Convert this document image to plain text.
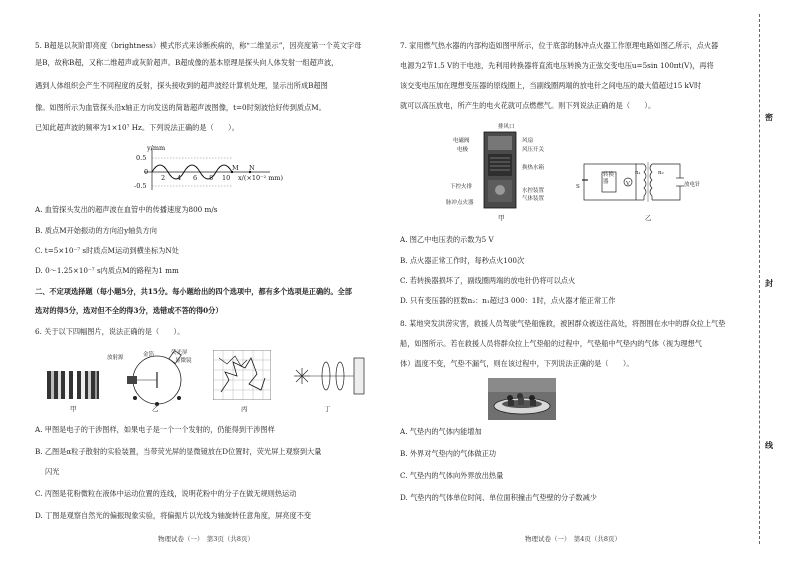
5. B超是以灰阶即亮度（brightness）模式形式来诊断疾病的，称“二维显示”，因亮度第一个英文字母

是B，故称B超，又称二维超声或灰阶超声。B超成像的基本原理是探头向人体发射一组超声波，

遇到人体组织会产生不同程度的反射，探头接收到的超声波经计算机处理，显示出所成B超图

像。如图所示为血管探头沿x轴正方向发送的简谐超声波图像，t=0时刻波恰好传到质点M。

已知此超声波的频率为1×10⁷ Hz。下列说法正确的是（　　）。

y/mm
0.5
0
-0.5
2 4 6 8 10
M N
x/(×10⁻² mm)

A. 血管探头发出的超声波在血管中的传播速度为800 m/s

B. 质点M开始振动的方向沿y轴负方向

C. t=5×10⁻⁷ s时质点M运动到横坐标为N处

D. 0～1.25×10⁻⁷ s内质点M的路程为1 mm

二、不定项选择题（每小题5分，共15分。每小题给出的四个选项中，都有多个选项是正确的。全部

选对的得5分，选对但不全的得3分，选错或不答的得0分）

6. 关于以下四幅图片，说法正确的是（　　）。

甲
放射源	金箔	荧光屏
显微镜
乙	丙	丁

A. 甲图是电子的干涉图样，如果电子是一个一个发射的，仍能得到干涉图样

B. 乙图是α粒子散射的实验装置，当带荧光屏的显微镜放在D位置时，荧光屏上观察到大量

闪光

C. 丙图是花粉微粒在液体中运动位置的连线，说明花粉中的分子在做无规则热运动

D. 丁图是观察自然光的偏振现象实验，将偏振片以光线为轴旋转任意角度，屏亮度不变

物理试卷（一）　第3页（共8页）

7. 家用燃气热水器的内部构造如图甲所示，位于底部的脉冲点火器工作原理电路如图乙所示，点火器

电源为2节1.5 V的干电池，先利用转换器将直流电压转换为正弦交变电压u=5sin 100πt(V)，再将

该交变电压加在理想变压器的原线圈上，当副线圈两端的放电针之间电压的最大值超过15 kV时

就可以高压放电，所产生的电火花就可点燃燃气。则下列说法正确的是（　　）。

排风口
电磁阀
电极
下控火排
脉冲点火器
风扇
风压开关
换热水箱
水控装置
气体装置
甲
S
转换器	V
n₁	n₂
放电针
乙

A. 图乙中电压表的示数为5 V

B. 点火器正常工作时，每秒点火100次

C. 若转换器损坏了，副线圈两端的放电针仍将可以点火

D. 只有变压器的匝数n₂：n₁超过3 000：1时，点火器才能正常工作

8. 某地突发洪涝灾害，救援人员驾驶气垫船施救，被困群众被送往高处，将图围在水中的群众拉上气垫

船，如图所示。若在救援人员将群众拉上气垫船的过程中，气垫船中气垫内的气体（视为理想气

体）温度不变，气垫不漏气，则在该过程中，下列说法正确的是（　　）。

A. 气垫内的气体内能增加

B. 外界对气垫内的气体做正功

C. 气垫内的气体向外界放出热量

D. 气垫内的气体单位时间、单位面积撞击气垫壁的分子数减少

物理试卷（一）　第4页（共8页）
密
封
线
